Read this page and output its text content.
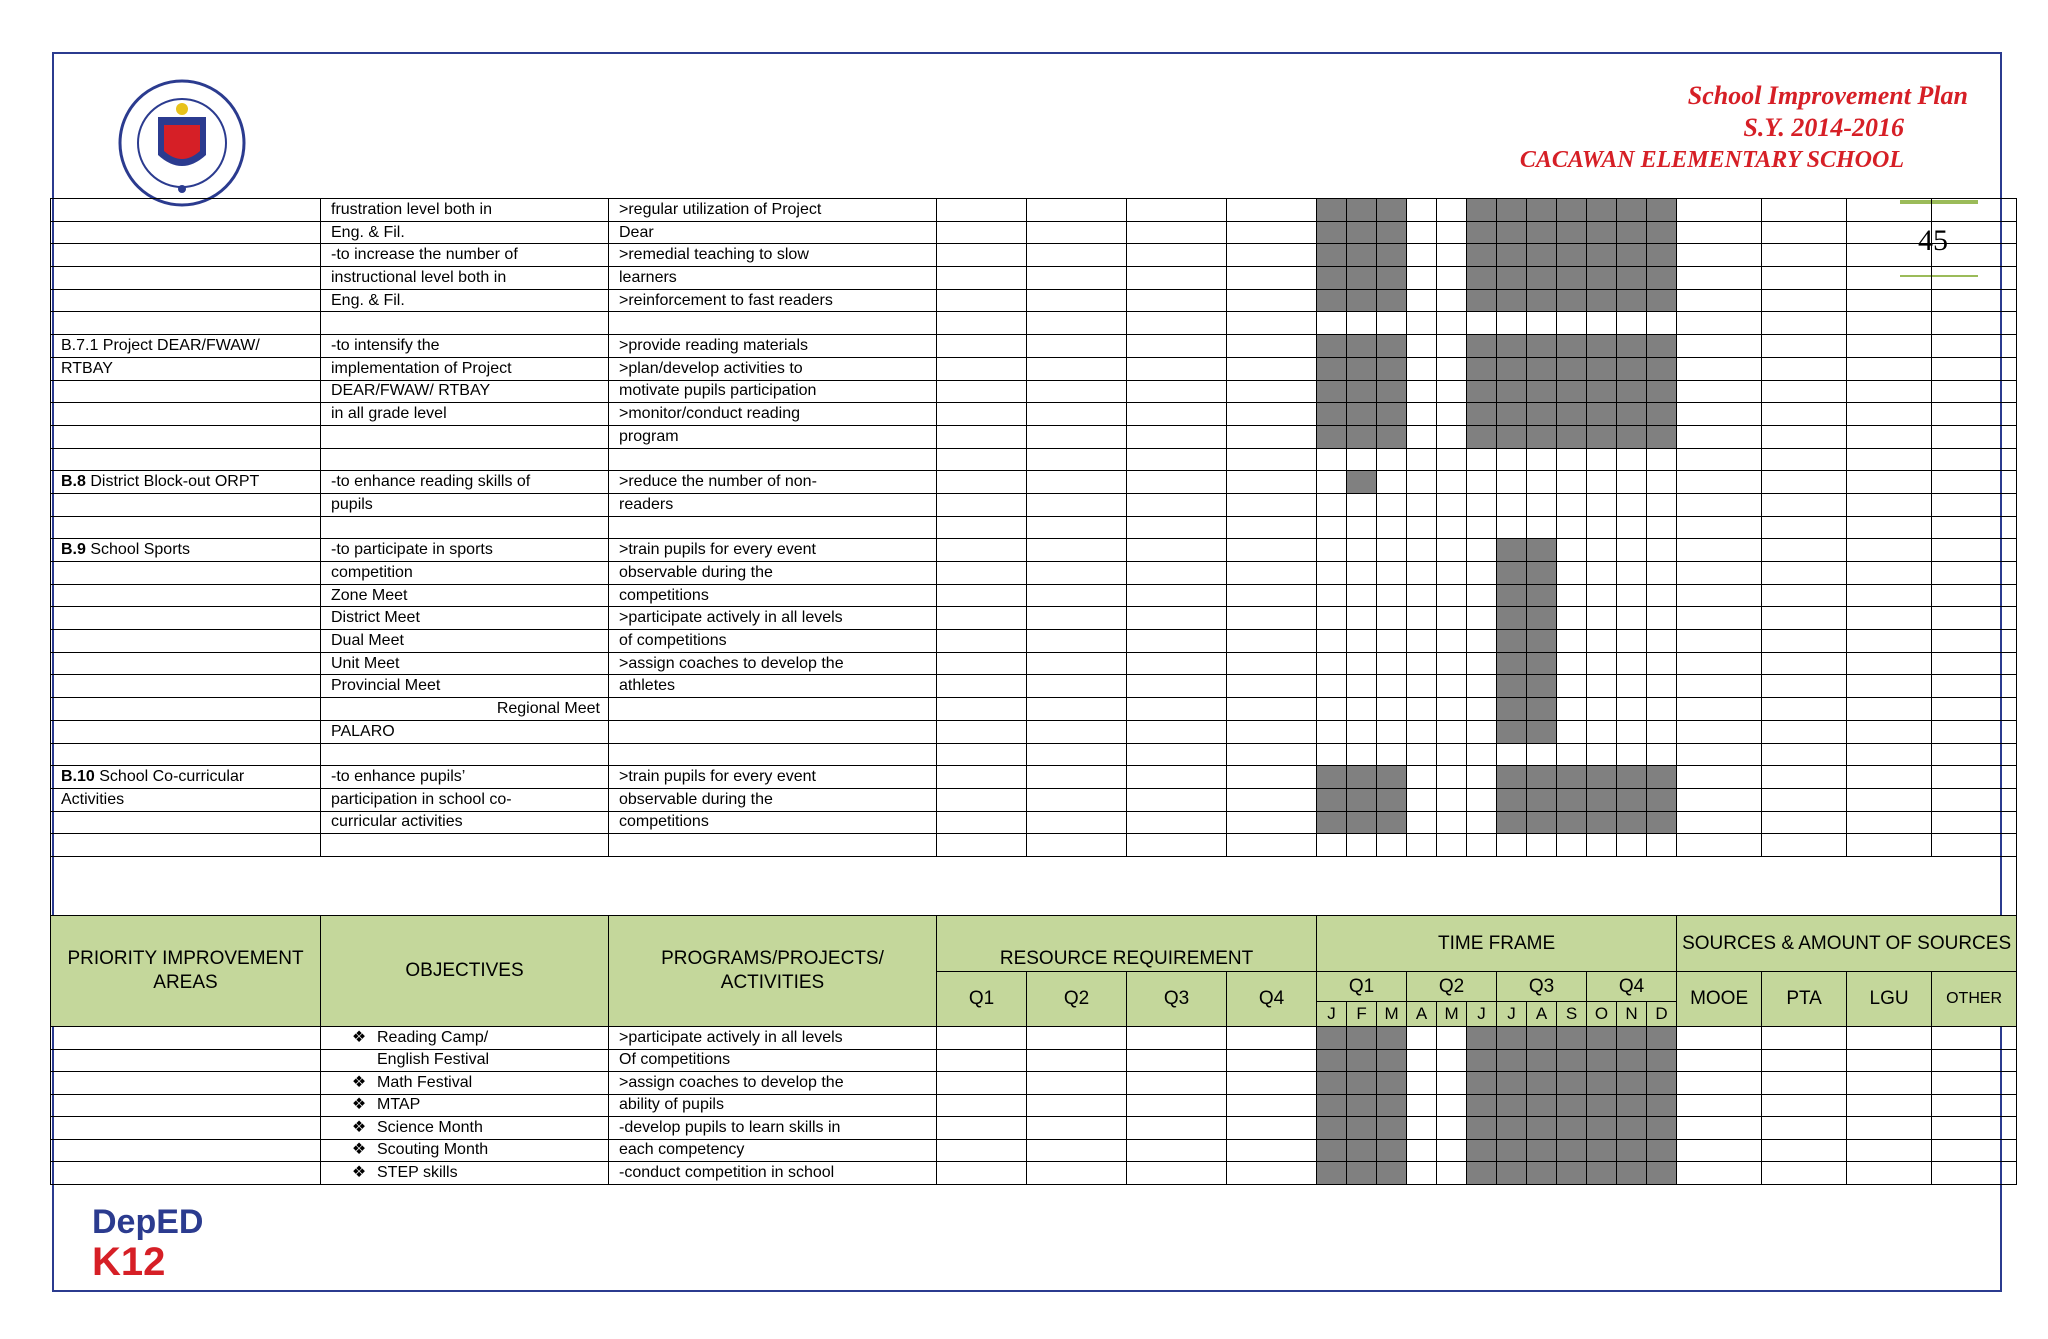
School Improvement Plan
S.Y. 2014-2016
CACAWAN ELEMENTARY SCHOOL
45
	frustration level both in	>regular utilization of Project																				
	Eng. & Fil.	Dear																				
	-to increase the number of	>remedial teaching to slow																				
	instructional level both in	learners																				
	Eng. & Fil.	>reinforcement to fast readers																				

B.7.1 Project DEAR/FWAW/	-to intensify the	>provide reading materials																				
RTBAY	implementation of Project	>plan/develop activities to																				
	DEAR/FWAW/ RTBAY	motivate pupils participation																				
	in all grade level	>monitor/conduct reading																				
		program																				

B.8 District Block-out ORPT	-to enhance reading skills of	>reduce the number of non-																				
	pupils	readers																				

B.9 School Sports	-to participate in sports	>train pupils for every event																				
	competition	observable during the																				
	Zone Meet	competitions																				
	District Meet	>participate actively in all levels																				
	Dual Meet	of competitions																				
	Unit Meet	>assign coaches to develop the																				
	Provincial Meet	athletes																				
	Regional Meet																					
	PALARO																					

B.10 School Co-curricular	-to enhance pupils’	>train pupils for every event																				
Activities	participation in school co-	observable during the																				
	curricular activities	competitions																				

PRIORITY IMPROVEMENT AREAS	OBJECTIVES	PROGRAMS/PROJECTS/ ACTIVITIES	RESOURCE REQUIREMENT				TIME FRAME												SOURCES & AMOUNT OF SOURCES			
			Q1	Q2	Q3	Q4	Q1			Q2			Q3			Q4			MOOE	PTA	LGU	OTHER
							J	F	M	A	M	J	J	A	S	O	N	D				
	❖ Reading Camp/	>participate actively in all levels																				
	English Festival	Of competitions																				
	❖ Math Festival	>assign coaches to develop the																				
	❖ MTAP	ability of pupils																				
	❖ Science Month	-develop pupils to learn skills in																				
	❖ Scouting Month	each competency																				
	❖ STEP skills	-conduct competition in school																				
DepED
K12
